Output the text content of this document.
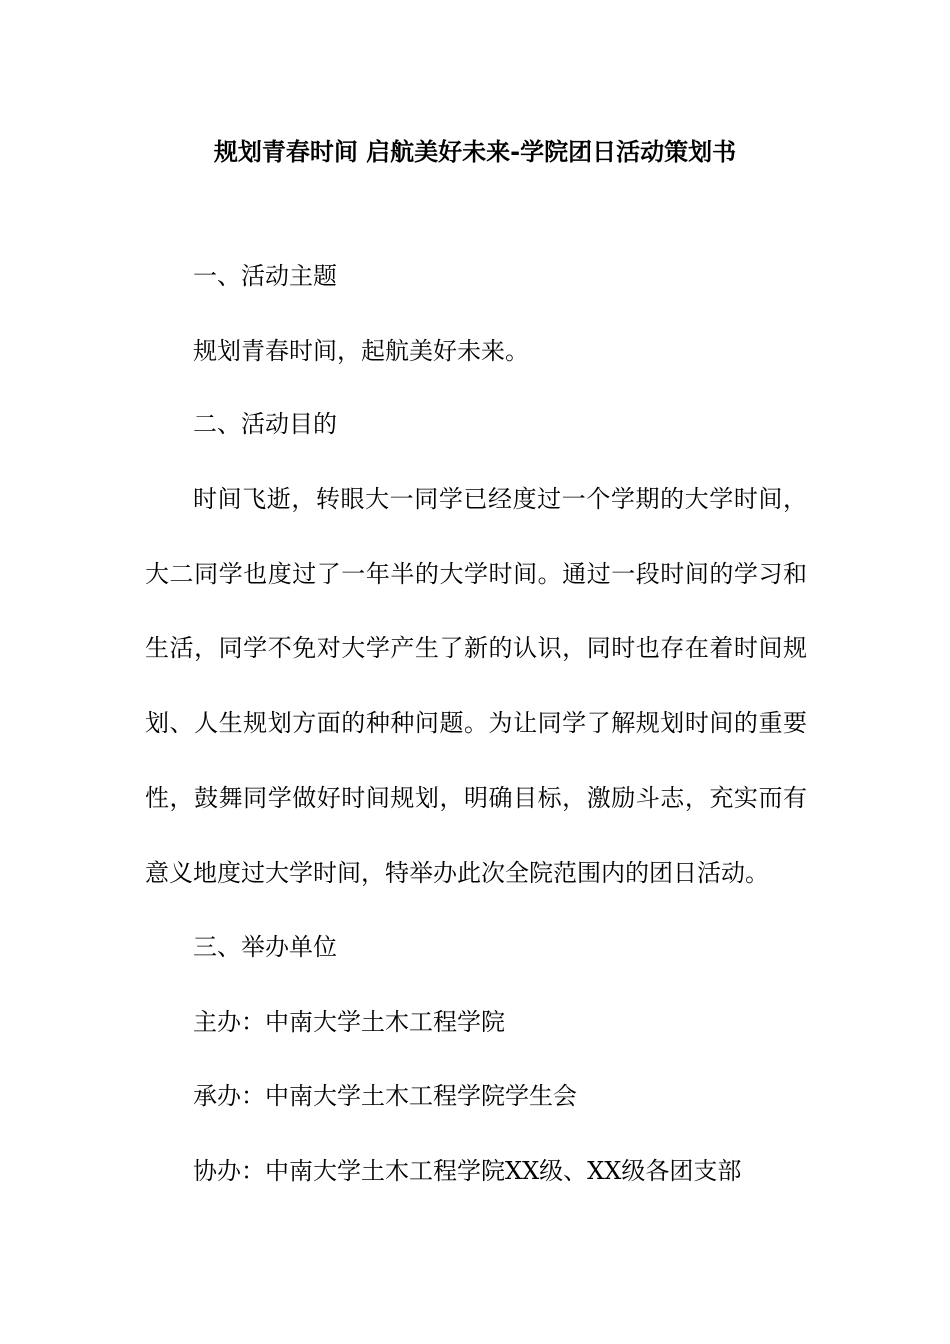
规划青春时间 启航美好未来-学院团日活动策划书
一、活动主题
规划青春时间，起航美好未来。
二、活动目的
时间飞逝，转眼大一同学已经度过一个学期的大学时间，
大二同学也度过了一年半的大学时间。通过一段时间的学习和
生活，同学不免对大学产生了新的认识，同时也存在着时间规
划、人生规划方面的种种问题。为让同学了解规划时间的重要
性，鼓舞同学做好时间规划，明确目标，激励斗志，充实而有
意义地度过大学时间，特举办此次全院范围内的团日活动。
三、举办单位
主办：中南大学土木工程学院
承办：中南大学土木工程学院学生会
协办：中南大学土木工程学院XX级、XX级各团支部
